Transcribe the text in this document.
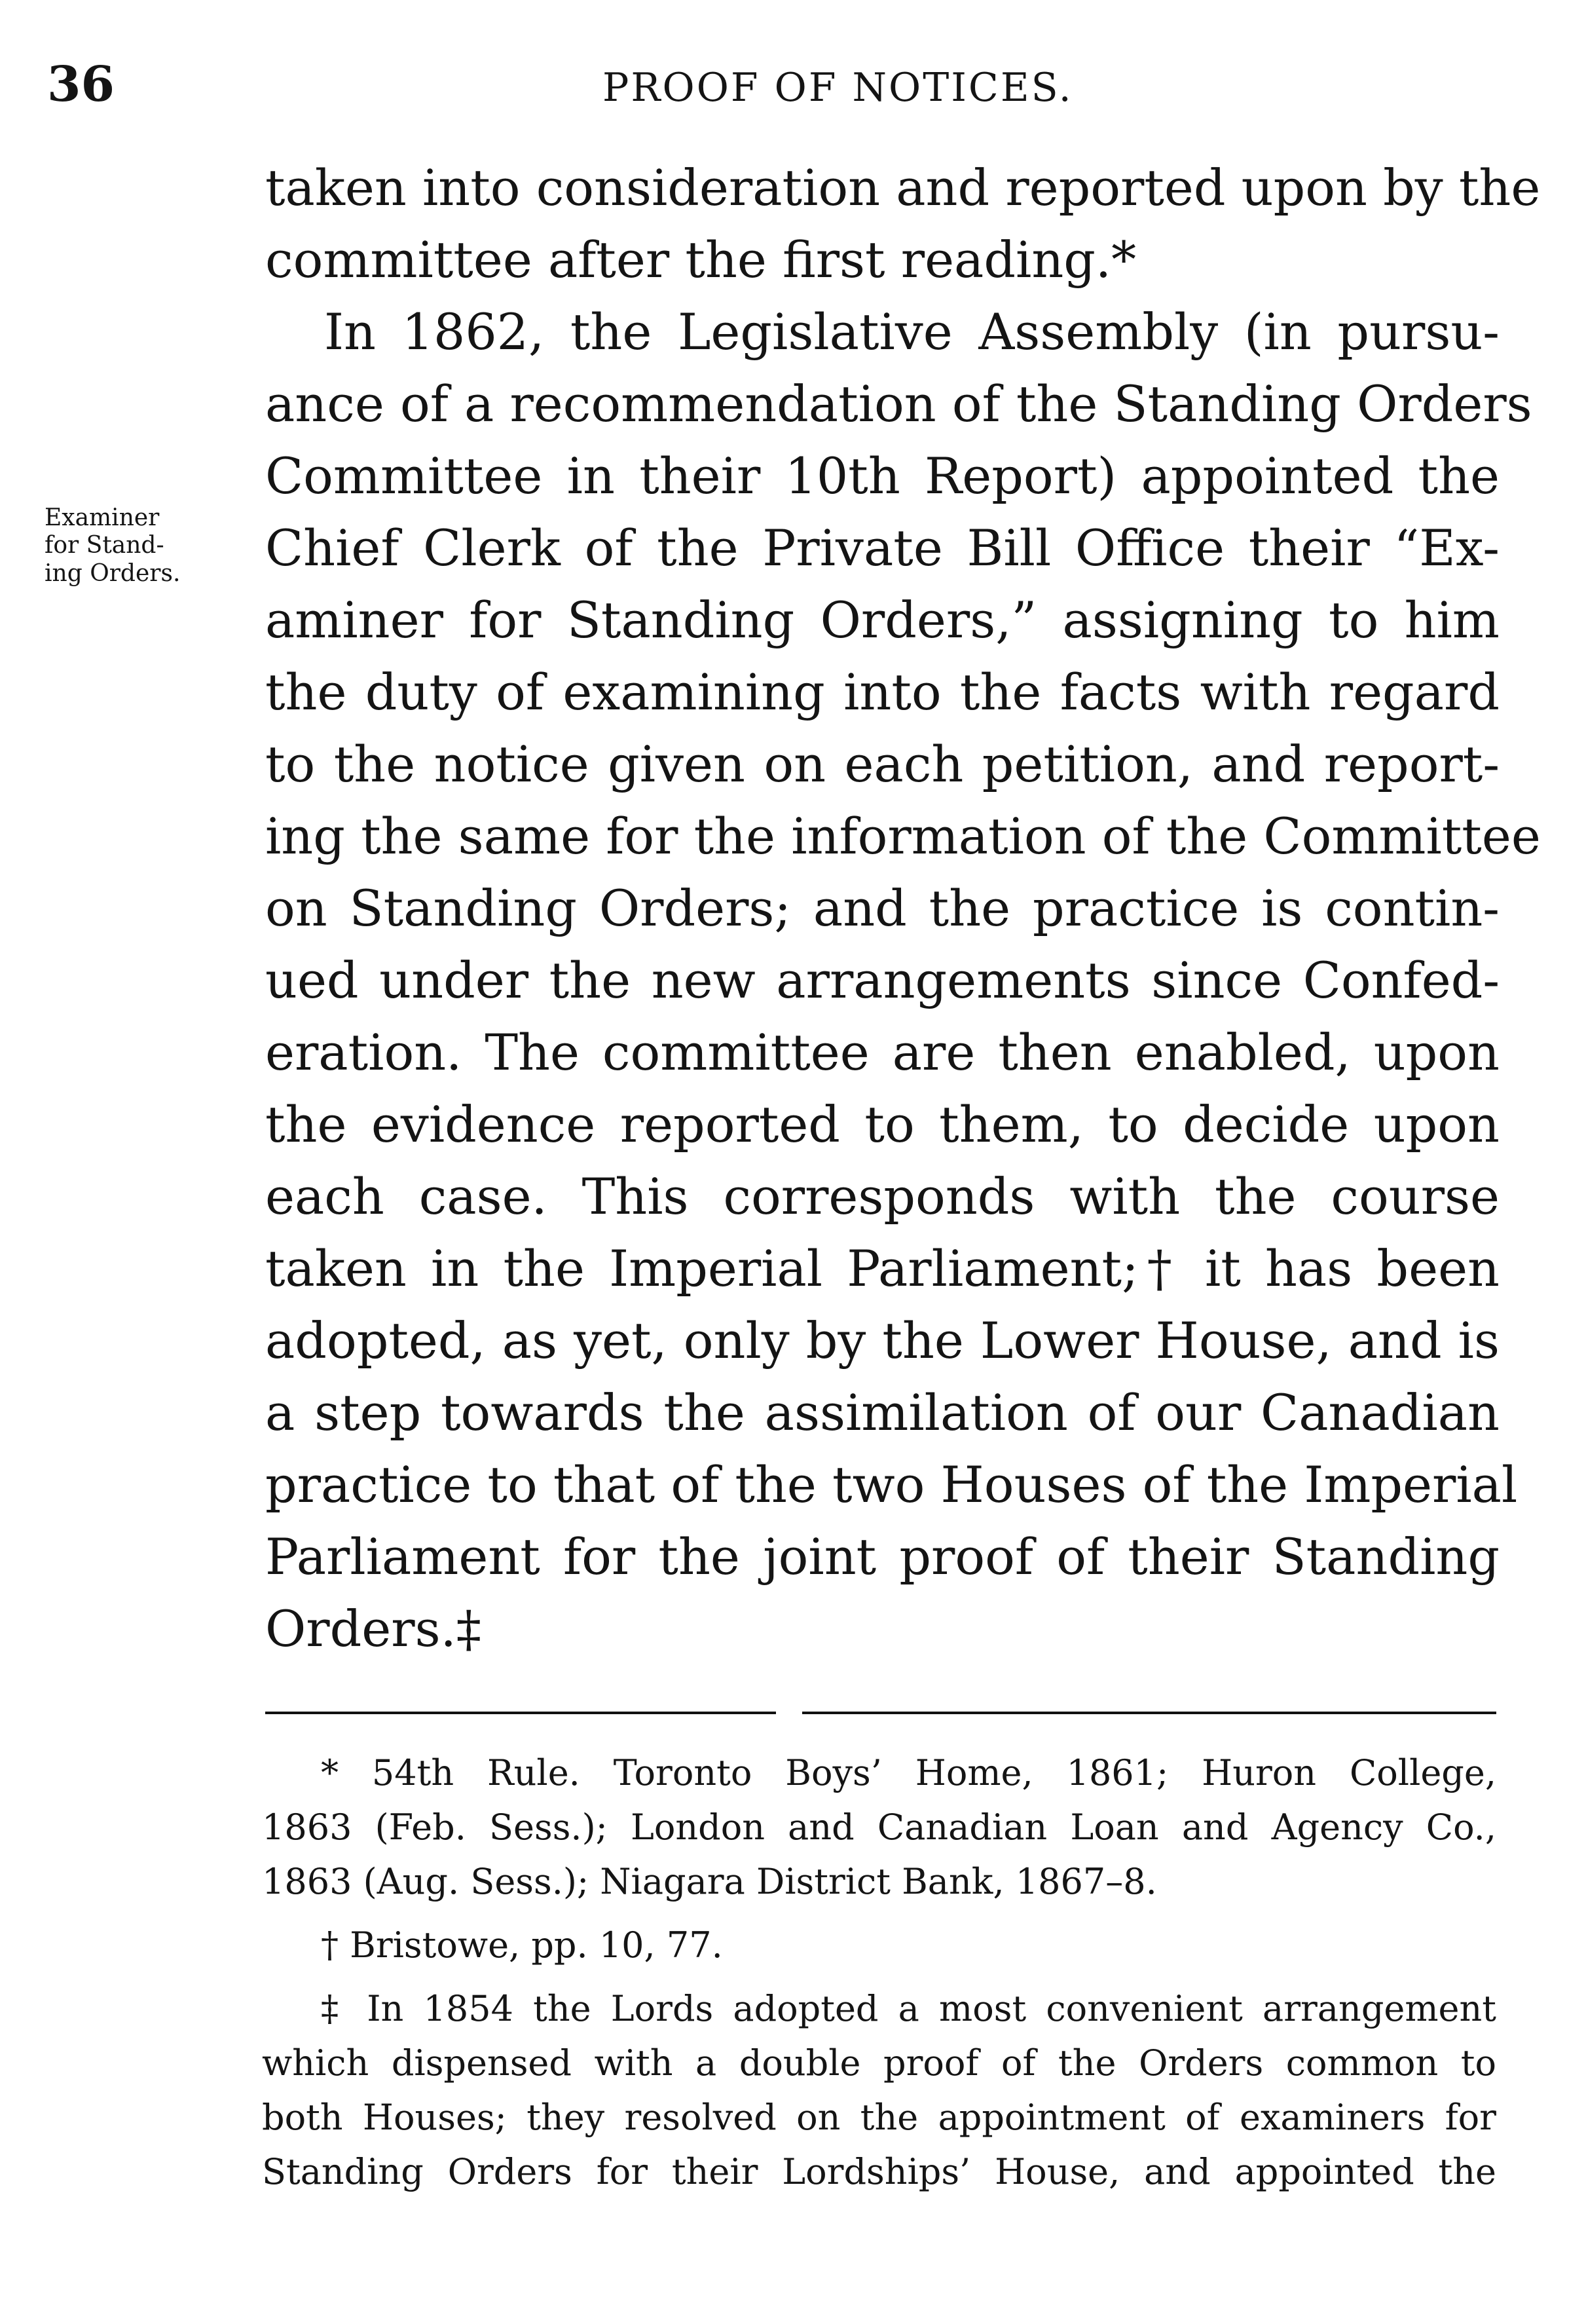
36	PROOF OF NOTICES.
Examiner
for Stand-
ing Orders.
taken into consideration and reported upon by the
committee after the first reading.*
In 1862, the Legislative Assembly (in pursu-
ance of a recommendation of the Standing Orders
Committee in their 10th Report) appointed the
Chief Clerk of the Private Bill Office their “Ex-
aminer for Standing Orders,” assigning to him
the duty of examining into the facts with regard
to the notice given on each petition, and report-
ing the same for the information of the Committee
on Standing Orders; and the practice is contin-
ued under the new arrangements since Confed-
eration. The committee are then enabled, upon
the evidence reported to them, to decide upon
each case. This corresponds with the course
taken in the Imperial Parliament;† it has been
adopted, as yet, only by the Lower House, and is
a step towards the assimilation of our Canadian
practice to that of the two Houses of the Imperial
Parliament for the joint proof of their Standing
Orders.‡
* 54th Rule. Toronto Boys’ Home, 1861; Huron College,
1863 (Feb. Sess.); London and Canadian Loan and Agency Co.,
1863 (Aug. Sess.); Niagara District Bank, 1867–8.
† Bristowe, pp. 10, 77.
‡ In 1854 the Lords adopted a most convenient arrangement
which dispensed with a double proof of the Orders common to
both Houses; they resolved on the appointment of examiners for
Standing Orders for their Lordships’ House, and appointed the
